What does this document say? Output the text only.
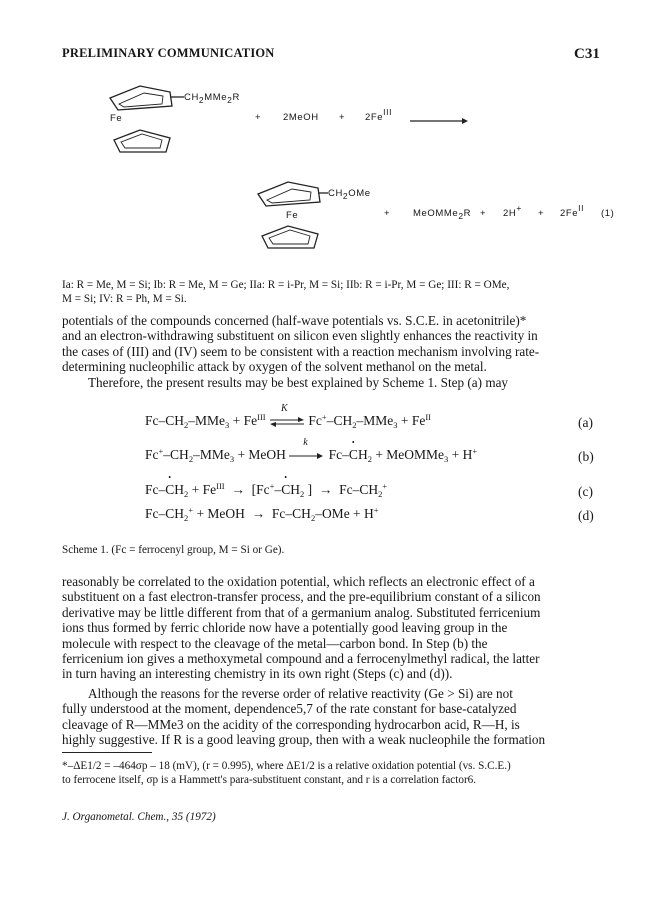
PRELIMINARY COMMUNICATION	C31
$CH_2MMe_2R$
Fe	+ 2MeOH + $2Fe^{III}$
$CH_2OMe$
Fe	+ MeOMMe$_2$R + $2H^+ + 2Fe^{II}$ (1)
Ia: R = Me, M = Si; Ib: R = Me, M = Ge; IIa: R = i-Pr, M = Si; IIb: R = i-Pr, M = Ge; III: R = OMe,
M = Si; IV: R = Ph, M = Si.
potentials of the compounds concerned (half-wave potentials vs. S.C.E. in acetonitrile)*
and an electron-withdrawing substituent on silicon even slightly enhances the reactivity in
the cases of (III) and (IV) seem to be consistent with a reaction mechanism involving rate-
determining nucleophilic attack by oxygen of the solvent methanol on the metal.
Therefore, the present results may be best explained by Scheme 1. Step (a) may
$Fc-CH_2-MMe_3 + Fe^{III}$
K
$Fc^+-CH_2-MMe_3 + Fe^{II}$	(a)
$Fc^+-CH_2-MMe_3$ + MeOH
k
Fc–• $CH_2$ + MeOMMe$_3$ + H+	(b)
Fc–• $CH_2 + Fe^{III}$  →  [Fc+–• $CH_2$ ]  →  $Fc-CH_2^+$	(c)
$Fc-CH_2^+$ + MeOH  →  $Fc-CH_2$–OMe + H+	(d)
Scheme 1. (Fc = ferrocenyl group, M = Si or Ge).
reasonably be correlated to the oxidation potential, which reflects an electronic effect of a
substituent on a fast electron-transfer process, and the pre-equilibrium constant of a silicon
derivative may be little different from that of a germanium analog. Substituted ferricenium
ions thus formed by ferric chloride now have a potentially good leaving group in the
molecule with respect to the cleavage of the metal—carbon bond. In Step (b) the
ferricenium ion gives a methoxymetal compound and a ferrocenylmethyl radical, the latter
in turn having an interesting chemistry in its own right (Steps (c) and (d)).
Although the reasons for the reverse order of relative reactivity (Ge > Si) are not
fully understood at the moment, dependence5,7 of the rate constant for base-catalyzed
cleavage of R—MMe3 on the acidity of the corresponding hydrocarbon acid, R—H, is
highly suggestive. If R is a good leaving group, then with a weak nucleophile the formation
*–ΔE1/2 = –464σp – 18 (mV), (r = 0.995), where ΔE1/2 is a relative oxidation potential (vs. S.C.E.)
to ferrocene itself, σp is a Hammett's para-substituent constant, and r is a correlation factor6.
J. Organometal. Chem., 35 (1972)
